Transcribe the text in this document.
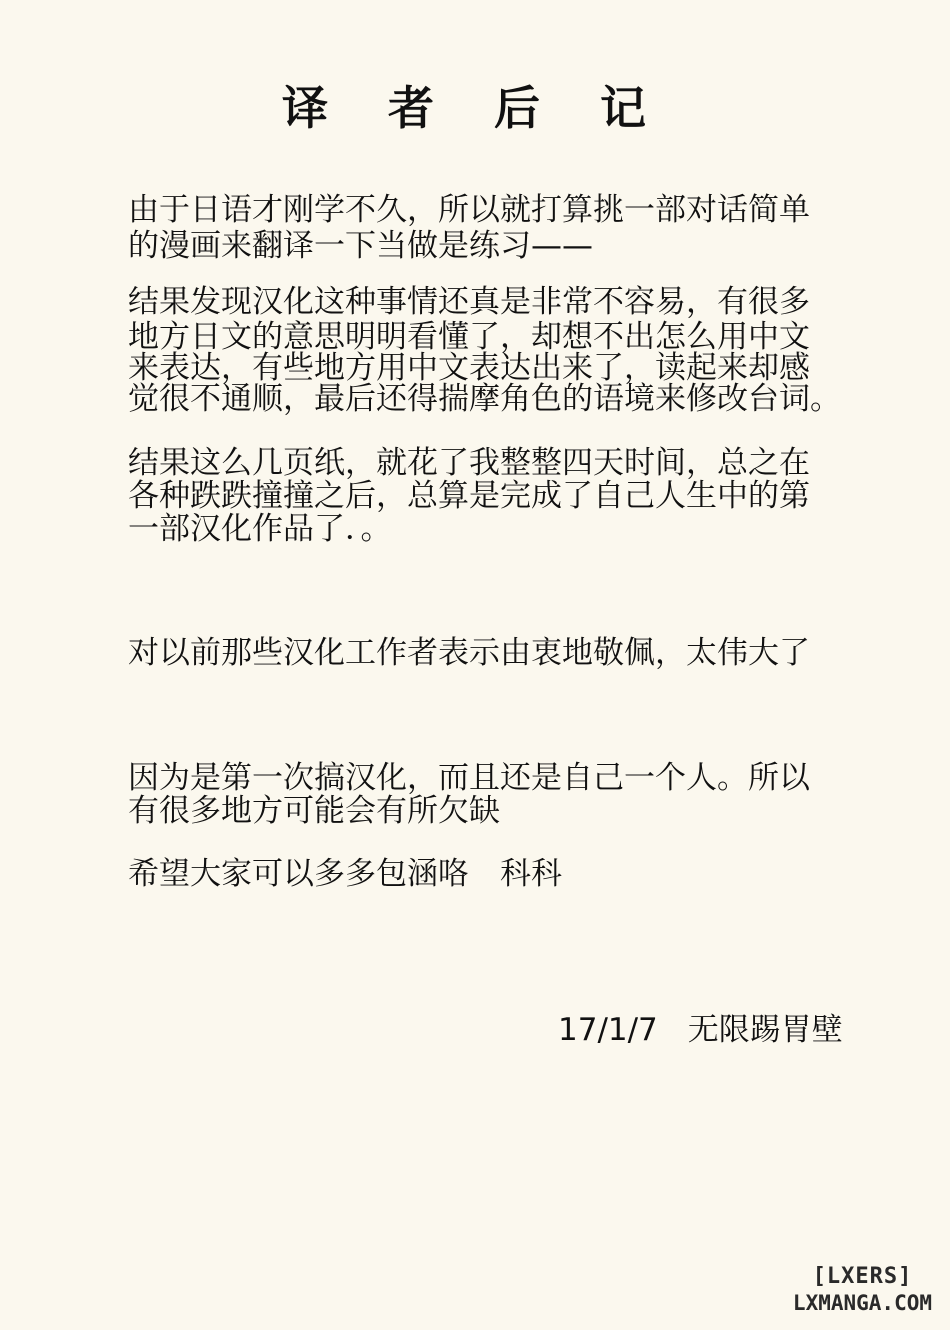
译 者 后 记
由于日语才刚学不久，所以就打算挑一部对话简单
的漫画来翻译一下当做是练习——
结果发现汉化这种事情还真是非常不容易，有很多
地方日文的意思明明看懂了，却想不出怎么用中文
来表达，有些地方用中文表达出来了，读起来却感
觉很不通顺，最后还得揣摩角色的语境来修改台词。
结果这么几页纸，就花了我整整四天时间，总之在
各种跌跌撞撞之后，总算是完成了自己人生中的第
一部汉化作品了．。
对以前那些汉化工作者表示由衷地敬佩，太伟大了
因为是第一次搞汉化，而且还是自己一个人。所以
有很多地方可能会有所欠缺
希望大家可以多多包涵咯　科科
17/1/7 无限踢胃壁
[LXERS]
LXMANGA.COM
